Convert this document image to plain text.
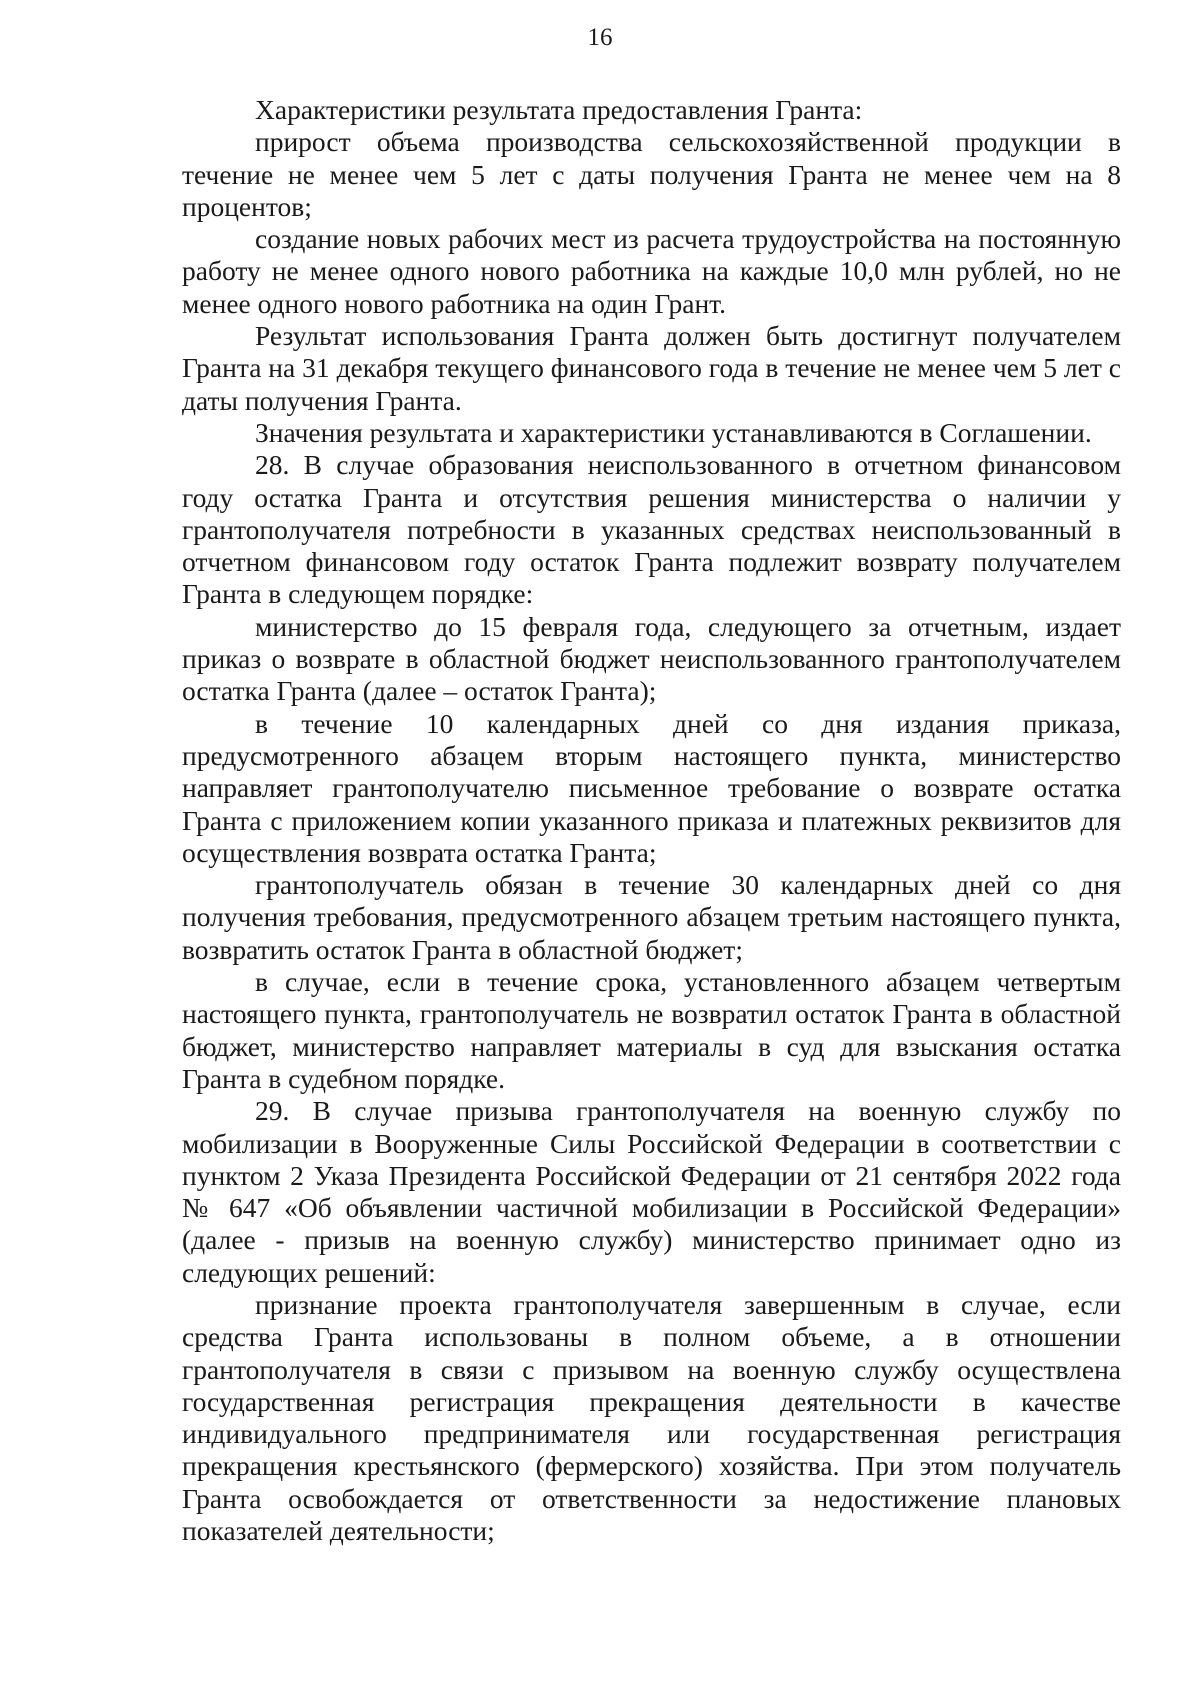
16

Характеристики результата предоставления Гранта:

прирост объема производства сельскохозяйственной продукции в течение не менее чем 5 лет с даты получения Гранта не менее чем на 8 процентов;

создание новых рабочих мест из расчета трудоустройства на постоянную работу не менее одного нового работника на каждые 10,0 млн рублей, но не менее одного нового работника на один Грант.

Результат использования Гранта должен быть достигнут получателем Гранта на 31 декабря текущего финансового года в течение не менее чем 5 лет с даты получения Гранта.

Значения результата и характеристики устанавливаются в Соглашении.

28. В случае образования неиспользованного в отчетном финансовом году остатка Гранта и отсутствия решения министерства о наличии у грантополучателя потребности в указанных средствах неиспользованный в отчетном финансовом году остаток Гранта подлежит возврату получателем Гранта в следующем порядке:

министерство до 15 февраля года, следующего за отчетным, издает приказ о возврате в областной бюджет неиспользованного грантополучателем остатка Гранта (далее – остаток Гранта);

в течение 10 календарных дней со дня издания приказа, предусмотренного абзацем вторым настоящего пункта, министерство направляет грантополучателю письменное требование о возврате остатка Гранта с приложением копии указанного приказа и платежных реквизитов для осуществления возврата остатка Гранта;

грантополучатель обязан в течение 30 календарных дней со дня получения требования, предусмотренного абзацем третьим настоящего пункта, возвратить остаток Гранта в областной бюджет;

в случае, если в течение срока, установленного абзацем четвертым настоящего пункта, грантополучатель не возвратил остаток Гранта в областной бюджет, министерство направляет материалы в суд для взыскания остатка Гранта в судебном порядке.

29. В случае призыва грантополучателя на военную службу по мобилизации в Вооруженные Силы Российской Федерации в соответствии с пунктом 2 Указа Президента Российской Федерации от 21 сентября 2022 года № 647 «Об объявлении частичной мобилизации в Российской Федерации» (далее - призыв на военную службу) министерство принимает одно из следующих решений:

признание проекта грантополучателя завершенным в случае, если средства Гранта использованы в полном объеме, а в отношении грантополучателя в связи с призывом на военную службу осуществлена государственная регистрация прекращения деятельности в качестве индивидуального предпринимателя или государственная регистрация прекращения крестьянского (фермерского) хозяйства. При этом получатель Гранта освобождается от ответственности за недостижение плановых показателей деятельности;
